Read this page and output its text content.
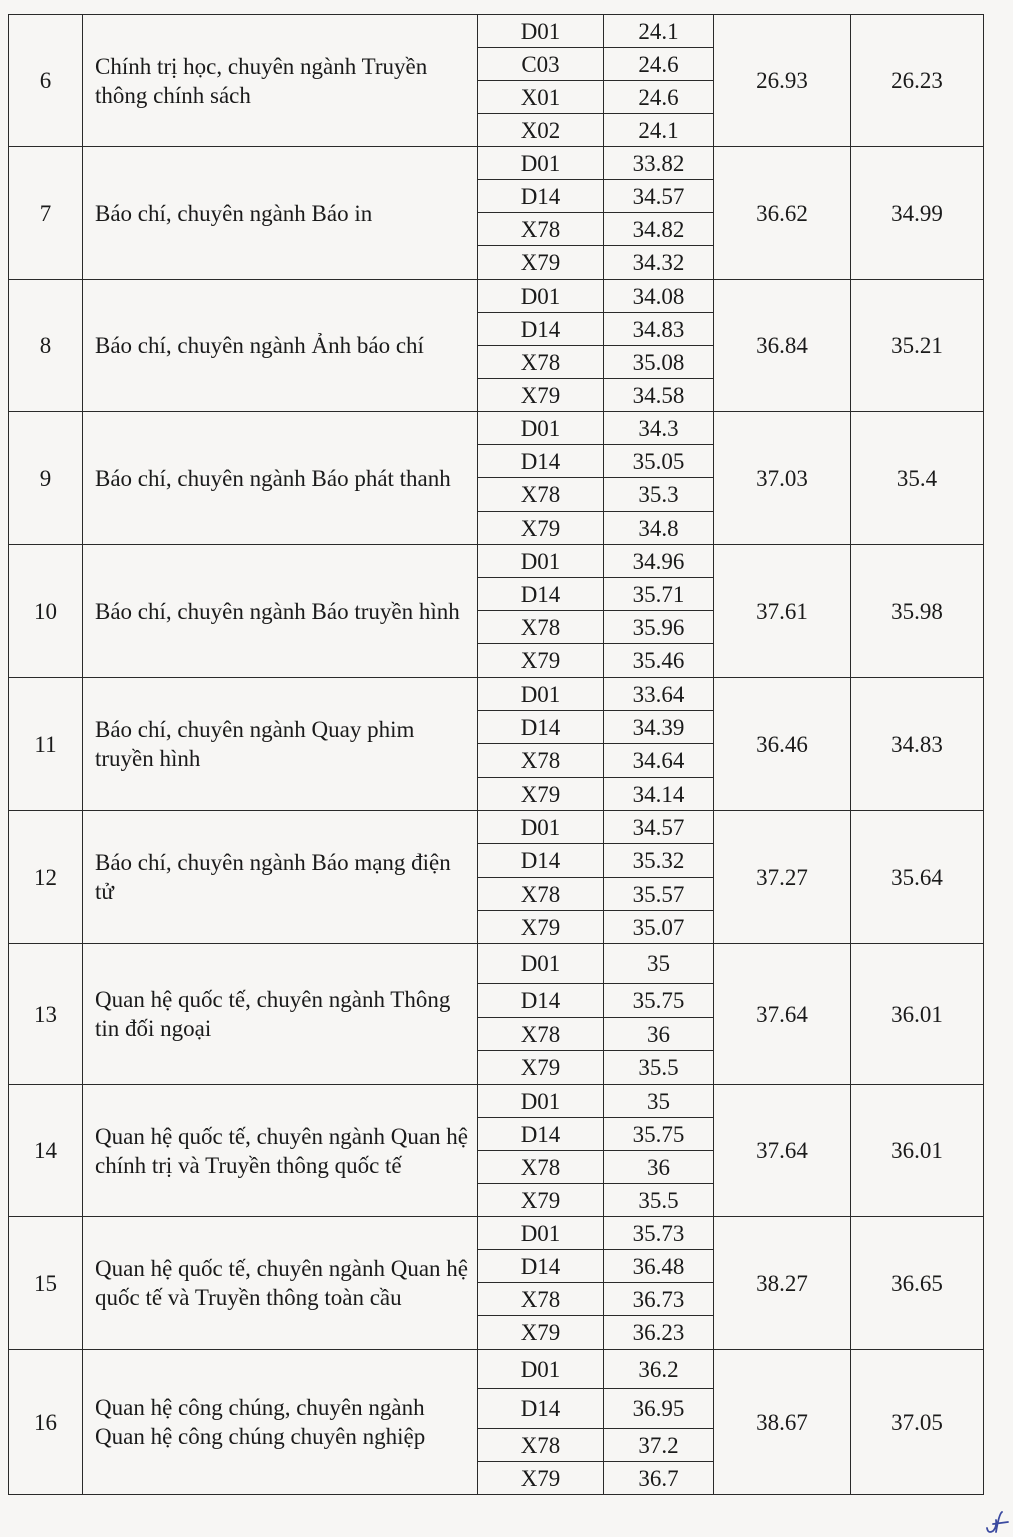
6	Chính trị học, chuyên ngành Truyền thông chính sách	D01	24.1	26.93	26.23
		C03	24.6		
		X01	24.6		
		X02	24.1		
7	Báo chí, chuyên ngành Báo in	D01	33.82	36.62	34.99
		D14	34.57		
		X78	34.82		
		X79	34.32		
8	Báo chí, chuyên ngành Ảnh báo chí	D01	34.08	36.84	35.21
		D14	34.83		
		X78	35.08		
		X79	34.58		
9	Báo chí, chuyên ngành Báo phát thanh	D01	34.3	37.03	35.4
		D14	35.05		
		X78	35.3		
		X79	34.8		
10	Báo chí, chuyên ngành Báo truyền hình	D01	34.96	37.61	35.98
		D14	35.71		
		X78	35.96		
		X79	35.46		
11	Báo chí, chuyên ngành Quay phim truyền hình	D01	33.64	36.46	34.83
		D14	34.39		
		X78	34.64		
		X79	34.14		
12	Báo chí, chuyên ngành Báo mạng điện tử	D01	34.57	37.27	35.64
		D14	35.32		
		X78	35.57		
		X79	35.07		
13	Quan hệ quốc tế, chuyên ngành Thông tin đối ngoại	D01	35	37.64	36.01
		D14	35.75		
		X78	36		
		X79	35.5		
14	Quan hệ quốc tế, chuyên ngành Quan hệ chính trị và Truyền thông quốc tế	D01	35	37.64	36.01
		D14	35.75		
		X78	36		
		X79	35.5		
15	Quan hệ quốc tế, chuyên ngành Quan hệ quốc tế và Truyền thông toàn cầu	D01	35.73	38.27	36.65
		D14	36.48		
		X78	36.73		
		X79	36.23		
16	Quan hệ công chúng, chuyên ngành Quan hệ công chúng chuyên nghiệp	D01	36.2	38.67	37.05
		D14	36.95		
		X78	37.2		
		X79	36.7		
